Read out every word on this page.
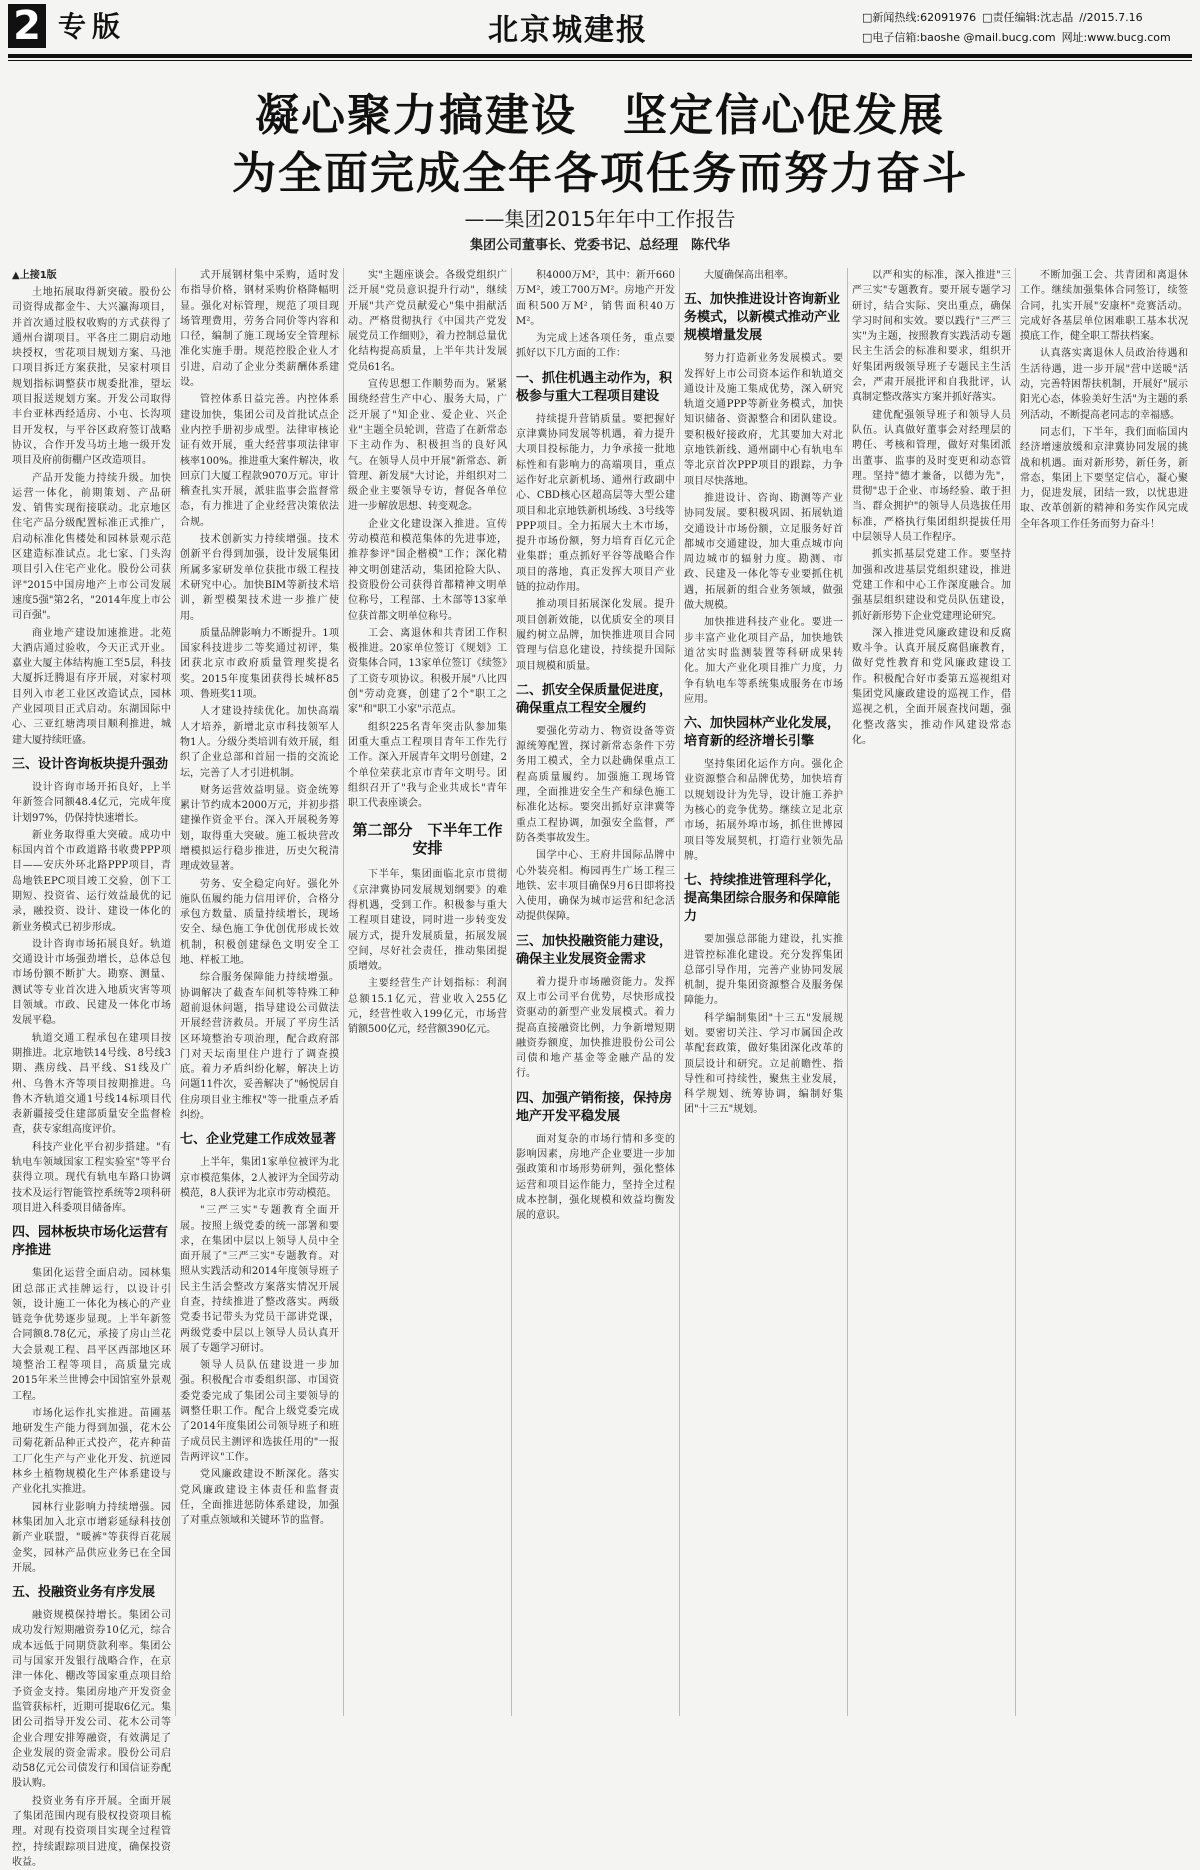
2 专版	北京城建报	□新闻热线:62091976 □责任编辑:沈志晶 //2015.7.16
□电子信箱:baoshe @mail.bucg.com 网址:www.bucg.com
凝心聚力搞建设　坚定信心促发展
为全面完成全年各项任务而努力奋斗
——集团2015年年中工作报告
集团公司董事长、党委书记、总经理　陈代华
▲上接1版

土地拓展取得新突破。股份公司资得成都金牛、大兴瀛海项目，并首次通过股权收购的方式获得了通州台湖项目。平各庄二期启动地块授权，雪花项目规划方案、马池口项目拆迁方案获批，吴家村项目规划指标调整获市规委批准，望坛项目报送规划方案。开发公司取得丰台亚林西经适房、小屯、长沟项目开发权，与平谷区政府签订战略协议，合作开发马坊土地一级开发项目及府前街棚户区改造项目。

产品开发能力持续升级。加快运营一体化，前期策划、产品研发、销售实现衔接联动。北京地区住宅产品分级配置标准正式推广，启动标准化售楼处和园林景观示范区建造标准试点。北七家、门头沟项目引入住宅产业化。股份公司获评"2015中国房地产上市公司发展速度5强"第2名，"2014年度上市公司百强"。

商业地产建设加速推进。北苑大酒店通过验收，今天正式开业。嘉业大厦主体结构施工至5层，科技大厦拆迁腾退有序开展，对家村项目列入市老工业区改造试点，园林产业园项目正式启动。东湖国际中心、三亚红塘湾项目顺利推进，城建大厦持续旺盛。

三、设计咨询板块提升强劲

设计咨询市场开拓良好，上半年新签合同额48.4亿元，完成年度计划97%，仍保持快速增长。

新业务取得重大突破。成功中标国内首个市政道路书收费PPP项目——安庆外环北路PPP项目，青岛地铁EPC项目竣工交验，创下工期短、投资省、运行效益最优的记录，融投资、设计、建设一体化的新业务模式已初步形成。

设计咨询市场拓展良好。轨道交通设计市场强劲增长，总体总包市场份额不断扩大。勘察、测量、测试等专业首次进入地质灾害等项目领域。市政、民建及一体化市场发展平稳。

轨道交通工程承包在建项目按期推进。北京地铁14号线、8号线3期、燕房线、昌平线、S1线及广州、乌鲁木齐等项目按期推进。乌鲁木齐轨道交通1号线14标项目代表新疆接受住建部质量安全监督检查，获专家组高度评价。

科技产业化平台初步搭建。"有轨电车领域国家工程实验室"等平台获得立项。现代有轨电车路口协调技术及运行智能管控系统等2项科研项目进入科委项目储备库。

四、园林板块市场化运营有序推进

集团化运营全面启动。园林集团总部正式挂牌运行，以设计引领，设计施工一体化为核心的产业链竞争优势逐步显现。上半年新签合同额8.78亿元，承接了房山兰花大会景观工程、昌平区西部地区环境整治工程等项目，高质量完成2015年米兰世博会中国馆室外景观工程。

市场化运作扎实推进。苗圃基地研发生产能力得到加强，花木公司菊花新品种正式投产，花卉种苗工厂化生产与产业化开发、抗逆园林乡土植物规模化生产体系建设与产业化扎实推进。

园林行业影响力持续增强。园林集团加入北京市增彩延绿科技创新产业联盟，"暖裤"等获得百花展金奖，园林产品供应业务已在全国开展。

五、投融资业务有序发展

融资规模保持增长。集团公司成功发行短期融资券10亿元，综合成本远低于同期贷款利率。集团公司与国家开发银行战略合作，在京津一体化、棚改等国家重点项目给予资金支持。集团房地产开发资金监管获标杆，近期可提取6亿元。集团公司指导开发公司、花木公司等企业合理安排筹融资，有效满足了企业发展的资金需求。股份公司启动58亿元公司债发行和国信证券配股认购。

投资业务有序开展。全面开展了集团范围内现有股权投资项目梳理。对现有投资项目实现全过程管控，持续跟踪项目进度，确保投资收益。

式开展钢材集中采购，适时发布指导价格，钢材采购价格降幅明显。强化对标管理，规范了项目现场管理费用，劳务合同价等内容和口径，编制了施工现场安全管理标准化实施手册。规范控股企业人才引进，启动了企业分类薪酬体系建设。

管控体系日益完善。内控体系建设加快，集团公司及首批试点企业内控手册初步成型。法律审核论证有效开展，重大经营事项法律审核率100%。推进重大案件解决，收回京门大厦工程款9070万元。审计稽查扎实开展，派驻监事会监督常态，有力推进了企业经营决策依法合规。

技术创新实力持续增强。技术创新平台得到加强，设计发展集团所属多家研发单位获批市级工程技术研究中心。加快BIM等新技术培训，新型模架技术进一步推广使用。

质量品牌影响力不断提升。1项国家科技进步二等奖通过初评，集团获北京市政府质量管理奖提名奖。2015年度集团获得长城杯85项、鲁班奖11项。

人才建设持续优化。加快高端人才培养，新增北京市科技领军人物1人。分级分类培训有效开展，组织了企业总部和首屈一指的交流论坛，完善了人才引进机制。

财务运营效益明显。资金统筹累计节约成本2000万元，并初步搭建操作资金平台。深入开展税务筹划，取得重大突破。施工板块营改增模拟运行稳步推进，历史欠税清理成效显著。

劳务、安全稳定向好。强化外施队伍履约能力信用评价，合格分承包方数量、质量持续增长，现场安全、绿色施工争优创优形成长效机制，积极创建绿色文明安全工地、样板工地。

综合服务保障能力持续增强。协调解决了截查车间机等特殊工种超前退休问题，指导建设公司做法开展经营济救员。开展了平房生活区环境整治专项治理，配合政府部门对天坛南里住户进行了调查摸底。着力矛盾纠纷化解，解决上访问题11件次，妥善解决了"畅悦居自住房项目业主维权"等一批重点矛盾纠纷。

七、企业党建工作成效显著

上半年，集团1家单位被评为北京市模范集体，2人被评为全国劳动模范，8人获评为北京市劳动模范。

"三严三实"专题教育全面开展。按照上级党委的统一部署和要求，在集团中层以上领导人员中全面开展了"三严三实"专题教育。对照从实践活动和2014年度领导班子民主生活会整改方案落实情况开展自查，持续推进了整改落实。两级党委书记带头为党员干部讲党课，两级党委中层以上领导人员认真开展了专题学习研讨。

领导人员队伍建设进一步加强。积极配合市委组织部、市国资委党委完成了集团公司主要领导的调整任职工作。配合上级党委完成了2014年度集团公司领导班子和班子成员民主测评和选拔任用的"一报告两评议"工作。

党风廉政建设不断深化。落实党风廉政建设主体责任和监督责任，全面推进惩防体系建设，加强了对重点领域和关键环节的监督。

实"主题座谈会。各级党组织广泛开展"党员意识提升行动"，继续开展"共产党员献爱心"集中捐献活动。严格贯彻执行《中国共产党发展党员工作细则》，着力控制总量优化结构提高质量，上半年共计发展党员61名。

宣传思想工作顺势而为。紧紧围绕经营生产中心、服务大局，广泛开展了"知企业、爱企业、兴企业"主题全员轮训，营造了在新常态下主动作为、积极担当的良好风气。在领导人员中开展"新常态、新管理、新发展"大讨论，并组织对二级企业主要领导专访，督促各单位进一步解放思想、转变观念。

企业文化建设深入推进。宣传劳动模范和模范集体的先进事迹，推荐参评"国企楷模"工作；深化精神文明创建活动，集团抢险大队、投资股份公司获得首都精神文明单位称号，工程部、土木部等13家单位获首都文明单位称号。

工会、离退休和共青团工作积极推进。20家单位签订《规划》工资集体合同，13家单位签订《续签》了工资专项协议。积极开展"八比四创"劳动竞赛，创建了2个"职工之家"和"职工小家"示范点。

组织225名青年突击队参加集团重大重点工程项目青年工作先行工作。深入开展青年文明号创建，2个单位荣获北京市青年文明号。团组织召开了"我与企业共成长"青年职工代表座谈会。

第二部分　下半年工作安排

下半年，集团面临北京市贯彻《京津冀协同发展规划纲要》的难得机遇，受到工作。积极参与重大工程项目建设，同时进一步转变发展方式，提升发展质量，拓展发展空间，尽好社会责任，推动集团提质增效。

主要经营生产计划指标：利润总额15.1亿元，营业收入255亿元，经营性收入199亿元，市场营销额500亿元，经营额390亿元。

积4000万M²，其中：新开660万M²，竣工700万M²。房地产开发面积500万M²，销售面积40万M²。

为完成上述各项任务，重点要抓好以下几方面的工作：

一、抓住机遇主动作为，积极参与重大工程项目建设

持续提升营销质量。要把握好京津冀协同发展等机遇，着力提升大项目投标能力，力争承接一批地标性和有影响力的高端项目，重点运作好北京新机场、通州行政副中心、CBD核心区超高层等大型公建项目和北京地铁新机场线、3号线等PPP项目。全力拓展大土木市场，提升市场份额，努力培育百亿元企业集群；重点抓好平谷等战略合作项目的落地，真正发挥大项目产业链的拉动作用。

推动项目拓展深化发展。提升项目创新效能，以优质安全的项目履约树立品牌，加快推进项目合同管理与信息化建设，持续提升国际项目规模和质量。

二、抓安全保质量促进度，确保重点工程安全履约

要强化劳动力、物资设备等资源统筹配置，探讨新常态条件下劳务用工模式，全力以赴确保重点工程高质量履约。加强施工现场管理，全面推进安全生产和绿色施工标准化达标。要突出抓好京津冀等重点工程协调，加强安全监督，严防各类事故发生。

国学中心、王府井国际品牌中心外装亮相。梅园再生广场工程三地铁、宏丰项目确保9月6日即将投入使用，确保为城市运营和纪念活动提供保障。

三、加快投融资能力建设，确保主业发展资金需求

着力提升市场融资能力。发挥双上市公司平台优势，尽快形成投资驱动的新型产业发展模式。着力提高直接融资比例，力争新增短期融资券额度，加快推进股份公司公司债和地产基金等金融产品的发行。

四、加强产销衔接，保持房地产开发平稳发展

面对复杂的市场行情和多变的影响因素，房地产企业要进一步加强政策和市场形势研判，强化整体运营和项目运作能力，坚持全过程成本控制，强化规模和效益均衡发展的意识。

大厦确保高出租率。

五、加快推进设计咨询新业务模式，以新模式推动产业规模增量发展

努力打造新业务发展模式。要发挥好上市公司资本运作和轨道交通设计及施工集成优势，深入研究轨道交通PPP等新业务模式，加快知识储备、资源整合和团队建设。要积极好接政府，尤其要加大对北京地铁新线、通州副中心有轨电车等北京首次PPP项目的跟踪，力争项目尽快落地。

推进设计、咨询、勘测等产业协同发展。要积极巩固、拓展轨道交通设计市场份额，立足服务好首都城市交通建设，加大重点城市向周边城市的辐射力度。勘测、市政、民建及一体化等专业要抓住机遇，拓展新的组合业务领域，做强做大规模。

加快推进科技产业化。要进一步丰富产业化项目产品，加快地铁道岔实时监测装置等科研成果转化。加大产业化项目推广力度，力争有轨电车等系统集成服务在市场应用。

六、加快园林产业化发展，培育新的经济增长引擎

坚持集团化运作方向。强化企业资源整合和品牌优势，加快培育以规划设计为先导，设计施工养护为核心的竞争优势。继续立足北京市场，拓展外埠市场，抓住世博园项目等发展契机，打造行业领先品牌。

七、持续推进管理科学化，提高集团综合服务和保障能力

要加强总部能力建设，扎实推进管控标准化建设。充分发挥集团总部引导作用，完善产业协同发展机制，提升集团资源整合及服务保障能力。

科学编制集团"十三五"发展规划。要密切关注、学习市属国企改革配套政策，做好集团深化改革的顶层设计和研究。立足前瞻性、指导性和可持续性，聚焦主业发展，科学规划、统筹协调，编制好集团"十三五"规划。

以严和实的标准，深入推进"三严三实"专题教育。要开展专题学习研讨，结合实际、突出重点，确保学习时间和实效。要以践行"三严三实"为主题，按照教育实践活动专题民主生活会的标准和要求，组织开好集团两级领导班子专题民主生活会，严肃开展批评和自我批评，认真制定整改落实方案并抓好落实。

建优配强领导班子和领导人员队伍。认真做好董事会对经理层的聘任、考核和管理，做好对集团派出董事、监事的及时变更和动态管理。坚持"德才兼备，以德为先"，贯彻"忠于企业、市场经验、敢于担当、群众拥护"的领导人员选拔任用标准，严格执行集团组织提拔任用中层领导人员工作程序。

抓实抓基层党建工作。要坚持加强和改进基层党组织建设，推进党建工作和中心工作深度融合。加强基层组织建设和党员队伍建设，抓好新形势下企业党建理论研究。

深入推进党风廉政建设和反腐败斗争。认真开展反腐倡廉教育，做好党性教育和党风廉政建设工作。积极配合好市委第五巡视组对集团党风廉政建设的巡视工作，借巡视之机，全面开展查找问题，强化整改落实，推动作风建设常态化。

不断加强工会、共青团和离退休工作。继续加强集体合同签订，续签合同，扎实开展"安康杯"竞赛活动。完成好各基层单位困难职工基本状况摸底工作，健全职工帮扶档案。

认真落实离退休人员政治待遇和生活待遇，进一步开展"营中送暖"活动，完善特困帮扶机制，开展好"展示阳光心态，体验美好生活"为主题的系列活动，不断提高老同志的幸福感。

同志们，下半年，我们面临国内经济增速放缓和京津冀协同发展的挑战和机遇。面对新形势，新任务，新常态，集团上下要坚定信心，凝心聚力，促进发展，团结一致，以忧患进取、改革创新的精神和务实作风完成全年各项工作任务而努力奋斗！
